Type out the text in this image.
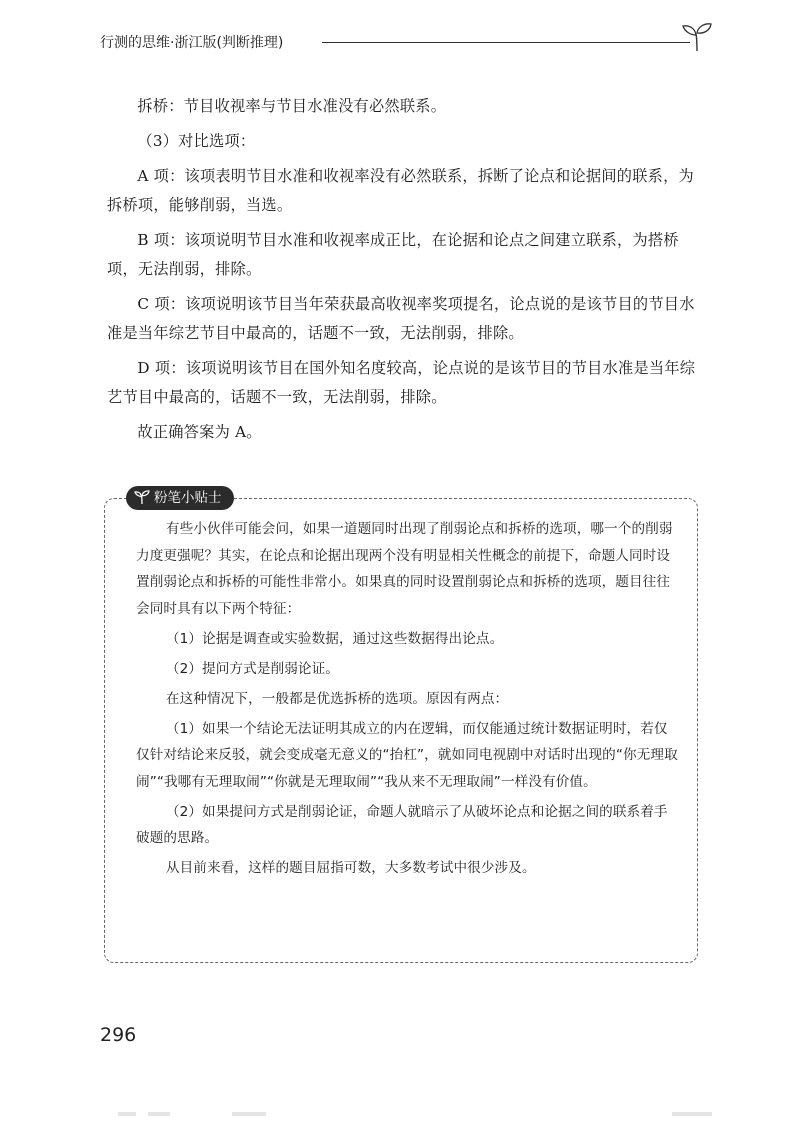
行测的思维·浙江版(判断推理)

拆桥：节目收视率与节目水准没有必然联系。

（3）对比选项：

A 项：该项表明节目水准和收视率没有必然联系，拆断了论点和论据间的联系，为拆桥项，能够削弱，当选。

B 项：该项说明节目水准和收视率成正比，在论据和论点之间建立联系，为搭桥项，无法削弱，排除。

C 项：该项说明该节目当年荣获最高收视率奖项提名，论点说的是该节目的节目水准是当年综艺节目中最高的，话题不一致，无法削弱，排除。

D 项：该项说明该节目在国外知名度较高，论点说的是该节目的节目水准是当年综艺节目中最高的，话题不一致，无法削弱，排除。

故正确答案为 A。

粉笔小贴士

有些小伙伴可能会问，如果一道题同时出现了削弱论点和拆桥的选项，哪一个的削弱力度更强呢？其实，在论点和论据出现两个没有明显相关性概念的前提下，命题人同时设置削弱论点和拆桥的可能性非常小。如果真的同时设置削弱论点和拆桥的选项，题目往往会同时具有以下两个特征：

（1）论据是调查或实验数据，通过这些数据得出论点。

（2）提问方式是削弱论证。

在这种情况下，一般都是优选拆桥的选项。原因有两点：

（1）如果一个结论无法证明其成立的内在逻辑，而仅能通过统计数据证明时，若仅仅针对结论来反驳，就会变成毫无意义的“抬杠”，就如同电视剧中对话时出现的“你无理取闹”“我哪有无理取闹”“你就是无理取闹”“我从来不无理取闹”一样没有价值。

（2）如果提问方式是削弱论证，命题人就暗示了从破坏论点和论据之间的联系着手破题的思路。

从目前来看，这样的题目屈指可数，大多数考试中很少涉及。

296
